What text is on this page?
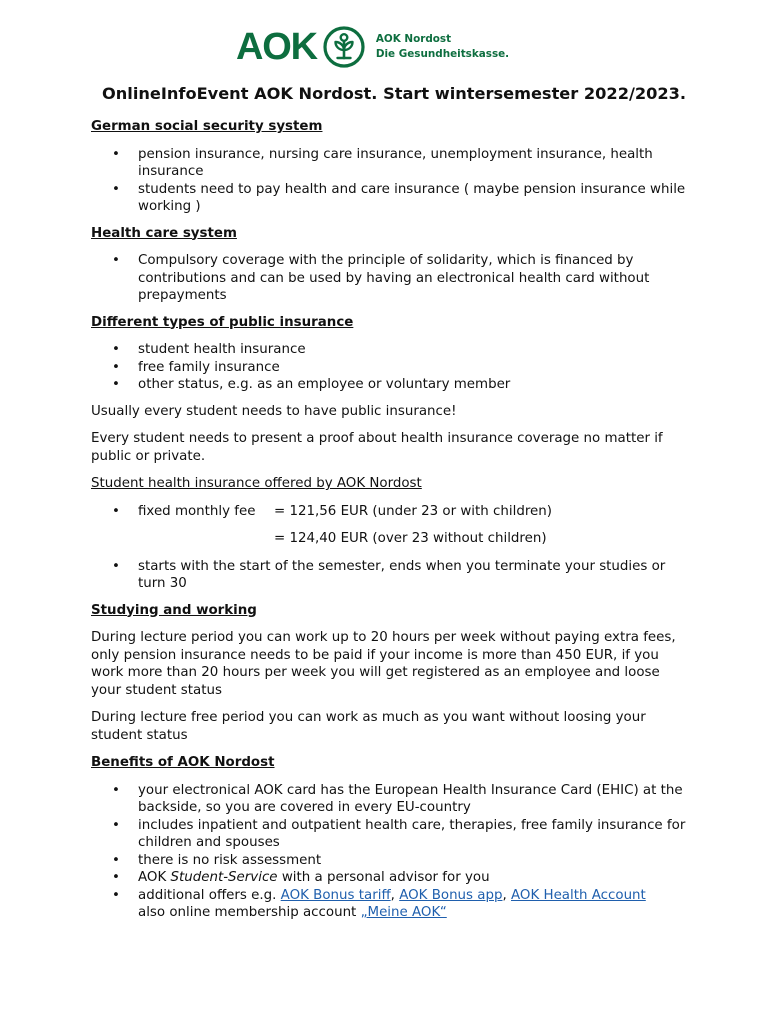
AOK	AOK Nordost
Die Gesundheitskasse.
OnlineInfoEvent AOK Nordost. Start wintersemester 2022/2023.
German social security system
• pension insurance, nursing care insurance, unemployment insurance, health insurance
• students need to pay health and care insurance ( maybe pension insurance while working )
Health care system
• Compulsory coverage with the principle of solidarity, which is financed by contributions and can be used by having an electronical health card without prepayments
Different types of public insurance
• student health insurance
• free family insurance
• other status, e.g. as an employee or voluntary member

Usually every student needs to have public insurance!

Every student needs to present a proof about health insurance coverage no matter if public or private.

Student health insurance offered by AOK Nordost
• fixed monthly fee	= 121,56 EUR (under 23 or with children)
= 124,40 EUR (over 23 without children)
• starts with the start of the semester, ends when you terminate your studies or turn 30
Studying and working

During lecture period you can work up to 20 hours per week without paying extra fees, only pension insurance needs to be paid if your income is more than 450 EUR, if you work more than 20 hours per week you will get registered as an employee and loose your student status

During lecture free period you can work as much as you want without loosing your student status

Benefits of AOK Nordost
• your electronical AOK card has the European Health Insurance Card (EHIC) at the backside, so you are covered in every EU-country
• includes inpatient and outpatient health care, therapies, free family insurance for children and spouses
• there is no risk assessment
• AOK Student-Service with a personal advisor for you
• additional offers e.g. AOK Bonus tariff, AOK Bonus app, AOK Health Account
also online membership account „Meine AOK“
